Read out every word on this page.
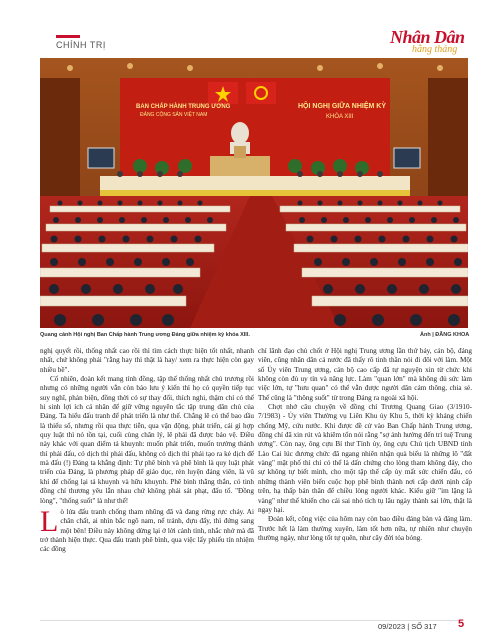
CHÍNH TRỊ	Nhân Dân
hằng tháng
BAN CHẤP HÀNH TRUNG ƯƠNG
ĐẢNG CỘNG SẢN VIỆT NAM
HỘI NGHỊ GIỮA NHIỆM KỲ
KHÓA XIII
Quang cảnh Hội nghị Ban Chấp hành Trung ương Đảng giữa nhiệm kỳ khóa XIII.	Ảnh | ĐĂNG KHOA

nghị quyết rồi, thống nhất cao rồi thì tìm cách thực hiện tốt nhất, nhanh nhất, chứ không phải "rằng hay thì thật là hay/ xem ra thực hiện còn gay nhiều bề".

Cố nhiên, đoàn kết mang tính đồng, tập thể thống nhất chủ trương rồi nhưng có những người vẫn còn bảo lưu ý kiến thì họ có quyền tiếp tục suy nghĩ, phản biện, đồng thời có sự thay đổi, thích nghi, thậm chí có thể hi sinh lợi ích cá nhân để giữ vững nguyên tắc tập trung dân chủ của Đảng. Ta hiểu đấu tranh để phát triển là như thế. Chẳng lẽ có thể bao dầu là thiếu số, nhưng rồi qua thực tiễn, qua vận động, phát triển, cái gì hợp quy luật thì nó tồn tại, cuối cùng chân lý, lẽ phải đã được bảo vệ. Điều này khác với quan điểm tả khuynh: muốn phát triển, muốn trưởng thành thì phải đấu, có dịch thì phải đấu, không có dịch thì phải tạo ra kẻ dịch để mà đấu (!) Đảng ta khẳng định: Tự phê bình và phê bình là quy luật phát triển của Đảng, là phương pháp để giáo dục, rèn luyện đảng viên, là vũ khí để chống lại tả khuynh và hữu khuynh. Phê bình thẳng thắn, có tinh đồng chí thương yêu lẫn nhau chứ không phải sát phạt, đấu tố. "Đồng lòng", "thống suốt" là như thế!

L ò lửa đấu tranh chống tham nhũng đã và đang rừng rực cháy. Ai chân chất, ai nhìn bắc ngõ nam, nể tránh, dựu đẩy, thì đứng sang một bên! Điều này không dừng lại ở lời cảnh tỉnh, nhắc nhở mà đã trở thành hiện thực. Qua đấu tranh phê bình, qua việc lấy phiếu tín nhiệm các đồng

chí lãnh đạo chủ chốt ở Hội nghị Trung ương lần thứ bảy, cán bộ, đảng viên, cũng nhân dân cả nước đã thấy rõ tinh thần nói đi đôi với làm. Một số Ủy viên Trung ương, cán bộ cao cấp đã tự nguyện xin từ chức khi không còn đủ uy tín và năng lực. Làm "quan lớn" mà không đủ sức làm việc lớn, tự "hưu quan" có thể vẫn được người dân cảm thông, chia sẻ. Thế cũng là "thông suốt" từ trong Đảng ra ngoài xã hội.

Chợt nhớ câu chuyện về đồng chí Trương Quang Giao (3/1910-7/1983) - Ủy viên Thường vụ Liên Khu ủy Khu 5, thời kỳ kháng chiến chống Mỹ, cứu nước. Khi được đề cử vào Ban Chấp hành Trung ương, đồng chí đã xin rút và khiêm tốn nói rằng "sợ ảnh hưởng đến trí tuệ Trung ương". Còn nay, ông cựu Bí thư Tỉnh ủy, ông cựu Chủ tịch UBND tỉnh Lào Cai lúc đương chức đã ngang nhiên nhận quà biếu là những lô "đất vàng" mặt phố thì chỉ có thể là dấn chứng cho lòng tham không đáy, cho sự không tự biết mình, cho một tập thể cấp ủy mất sức chiến đấu, có những thành viên biến cuộc họp phê bình thành nơi cấp dưới nịnh cấp trên, hạ thấp bản thân để chiều lòng người khác. Kiểu giữ "im lặng là vàng" như thế khiến cho cái sai nhỏ tích tụ lâu ngày thành sai lớn, thật là ngay hại.

Đoàn kết, công việc của hôm nay còn bao điều đáng bàn và đáng làm. Trước hết là làm thường xuyên, làm tốt hơn nữa, tự nhiên như chuyện thường ngày, như lòng tốt tự quên, như cây đời tỏa bóng.

09/2023 | SỐ 317 5
